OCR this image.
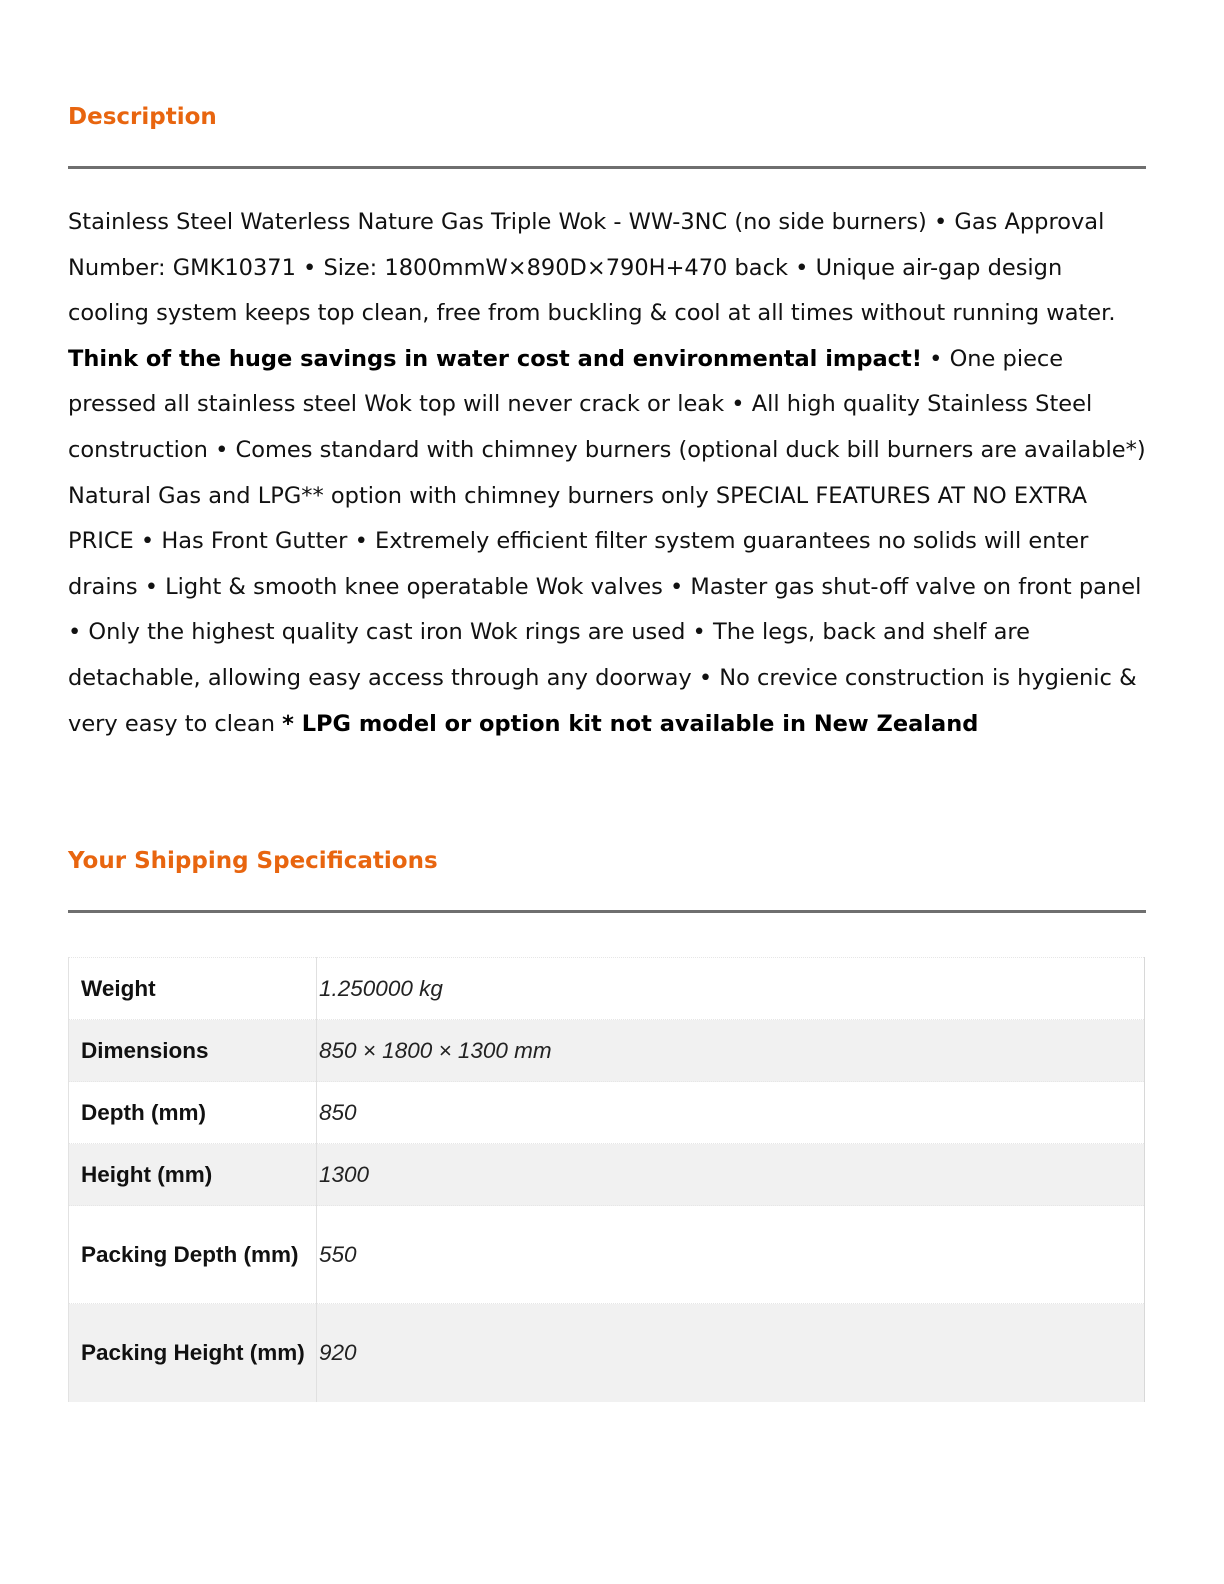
Description

Stainless Steel Waterless Nature Gas Triple Wok - WW-3NC (no side burners) • Gas Approval Number: GMK10371 • Size: 1800mmW×890D×790H+470 back • Unique air-gap design cooling system keeps top clean, free from buckling & cool at all times without running water. Think of the huge savings in water cost and environmental impact! • One piece pressed all stainless steel Wok top will never crack or leak • All high quality Stainless Steel construction • Comes standard with chimney burners (optional duck bill burners are available*) Natural Gas and LPG** option with chimney burners only SPECIAL FEATURES AT NO EXTRA PRICE • Has Front Gutter • Extremely efficient filter system guarantees no solids will enter drains • Light & smooth knee operatable Wok valves • Master gas shut-off valve on front panel • Only the highest quality cast iron Wok rings are used • The legs, back and shelf are detachable, allowing easy access through any doorway • No crevice construction is hygienic & very easy to clean * LPG model or option kit not available in New Zealand

Your Shipping Specifications
Weight	1.250000 kg
Dimensions	850 × 1800 × 1300 mm
Depth (mm)	850
Height (mm)	1300
Packing Depth (mm)	550
Packing Height (mm)	920
